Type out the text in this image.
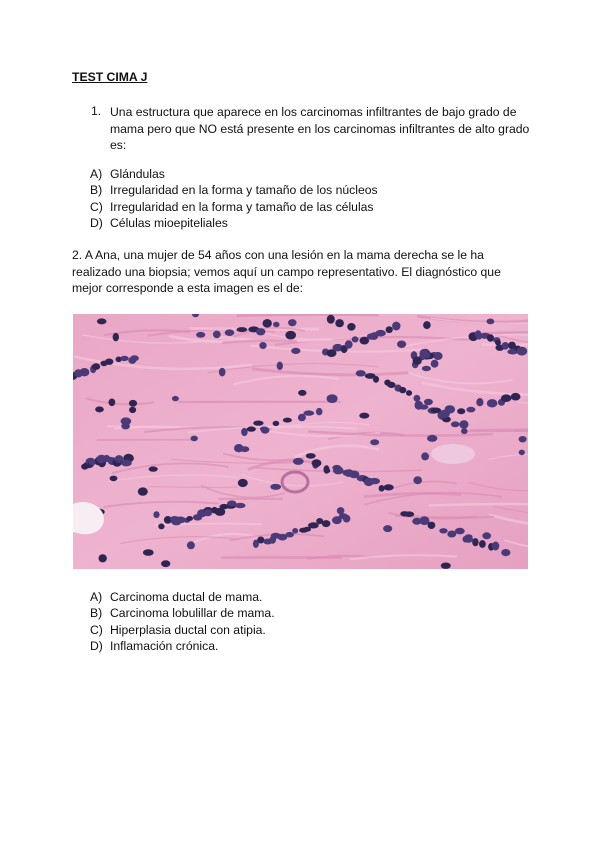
TEST CIMA J
1. Una estructura que aparece en los carcinomas infiltrantes de bajo grado de mama pero que NO está presente en los carcinomas infiltrantes de alto grado es:
A) Glándulas
B) Irregularidad en la forma y tamaño de los núcleos
C) Irregularidad en la forma y tamaño de las células
D) Células mioepiteliales
2. A Ana, una mujer de 54 años con una lesión en la mama derecha se le ha realizado una biopsia; vemos aquí un campo representativo. El diagnóstico que mejor corresponde a esta imagen es el de:
A) Carcinoma ductal de mama.
B) Carcinoma lobulillar de mama.
C) Hiperplasia ductal con atipia.
D) Inflamación crónica.
